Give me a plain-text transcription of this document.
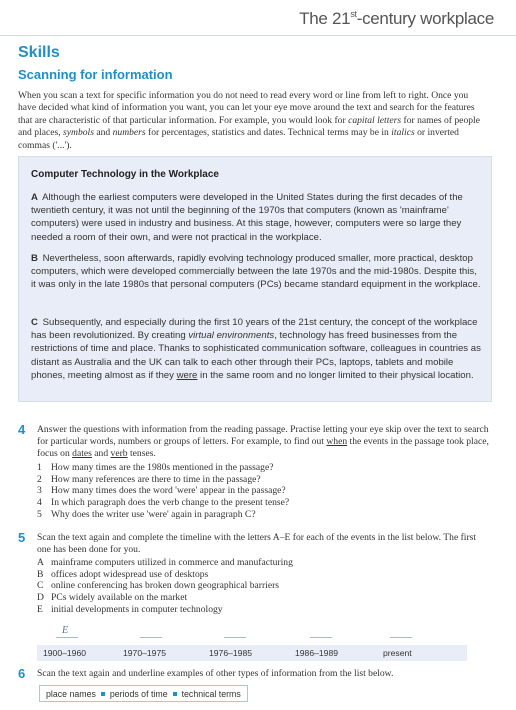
The 21st-century workplace
Skills
Scanning for information
When you scan a text for specific information you do not need to read every word or line from left to right. Once you have decided what kind of information you want, you can let your eye move around the text and search for the features that are characteristic of that particular information. For example, you would look for capital letters for names of people and places, symbols and numbers for percentages, statistics and dates. Technical terms may be in italics or inverted commas ('...').
Computer Technology in the Workplace
A Although the earliest computers were developed in the United States during the first decades of the twentieth century, it was not until the beginning of the 1970s that computers (known as 'mainframe' computers) were used in industry and business. At this stage, however, computers were so large they needed a room of their own, and were not practical in the workplace.
B Nevertheless, soon afterwards, rapidly evolving technology produced smaller, more practical, desktop computers, which were developed commercially between the late 1970s and the mid-1980s. Despite this, it was only in the late 1980s that personal computers (PCs) became standard equipment in the workplace.
C Subsequently, and especially during the first 10 years of the 21st century, the concept of the workplace has been revolutionized. By creating virtual environments, technology has freed businesses from the restrictions of time and place. Thanks to sophisticated communication software, colleagues in countries as distant as Australia and the UK can talk to each other through their PCs, laptops, tablets and mobile phones, meeting almost as if they were in the same room and no longer limited to their physical location.
4 Answer the questions with information from the reading passage. Practise letting your eye skip over the text to search for particular words, numbers or groups of letters. For example, to find out when the events in the passage took place, focus on dates and verb tenses.
1 How many times are the 1980s mentioned in the passage?
2 How many references are there to time in the passage?
3 How many times does the word 'were' appear in the passage?
4 In which paragraph does the verb change to the present tense?
5 Why does the writer use 'were' again in paragraph C?
5 Scan the text again and complete the timeline with the letters A–E for each of the events in the list below. The first one has been done for you.
A mainframe computers utilized in commerce and manufacturing
B offices adopt widespread use of desktops
C online conferencing has broken down geographical barriers
D PCs widely available on the market
E initial developments in computer technology
E
1900–1960	1970–1975	1976–1985	1986–1989	present
6 Scan the text again and underline examples of other types of information from the list below.
place names periods of time technical terms
